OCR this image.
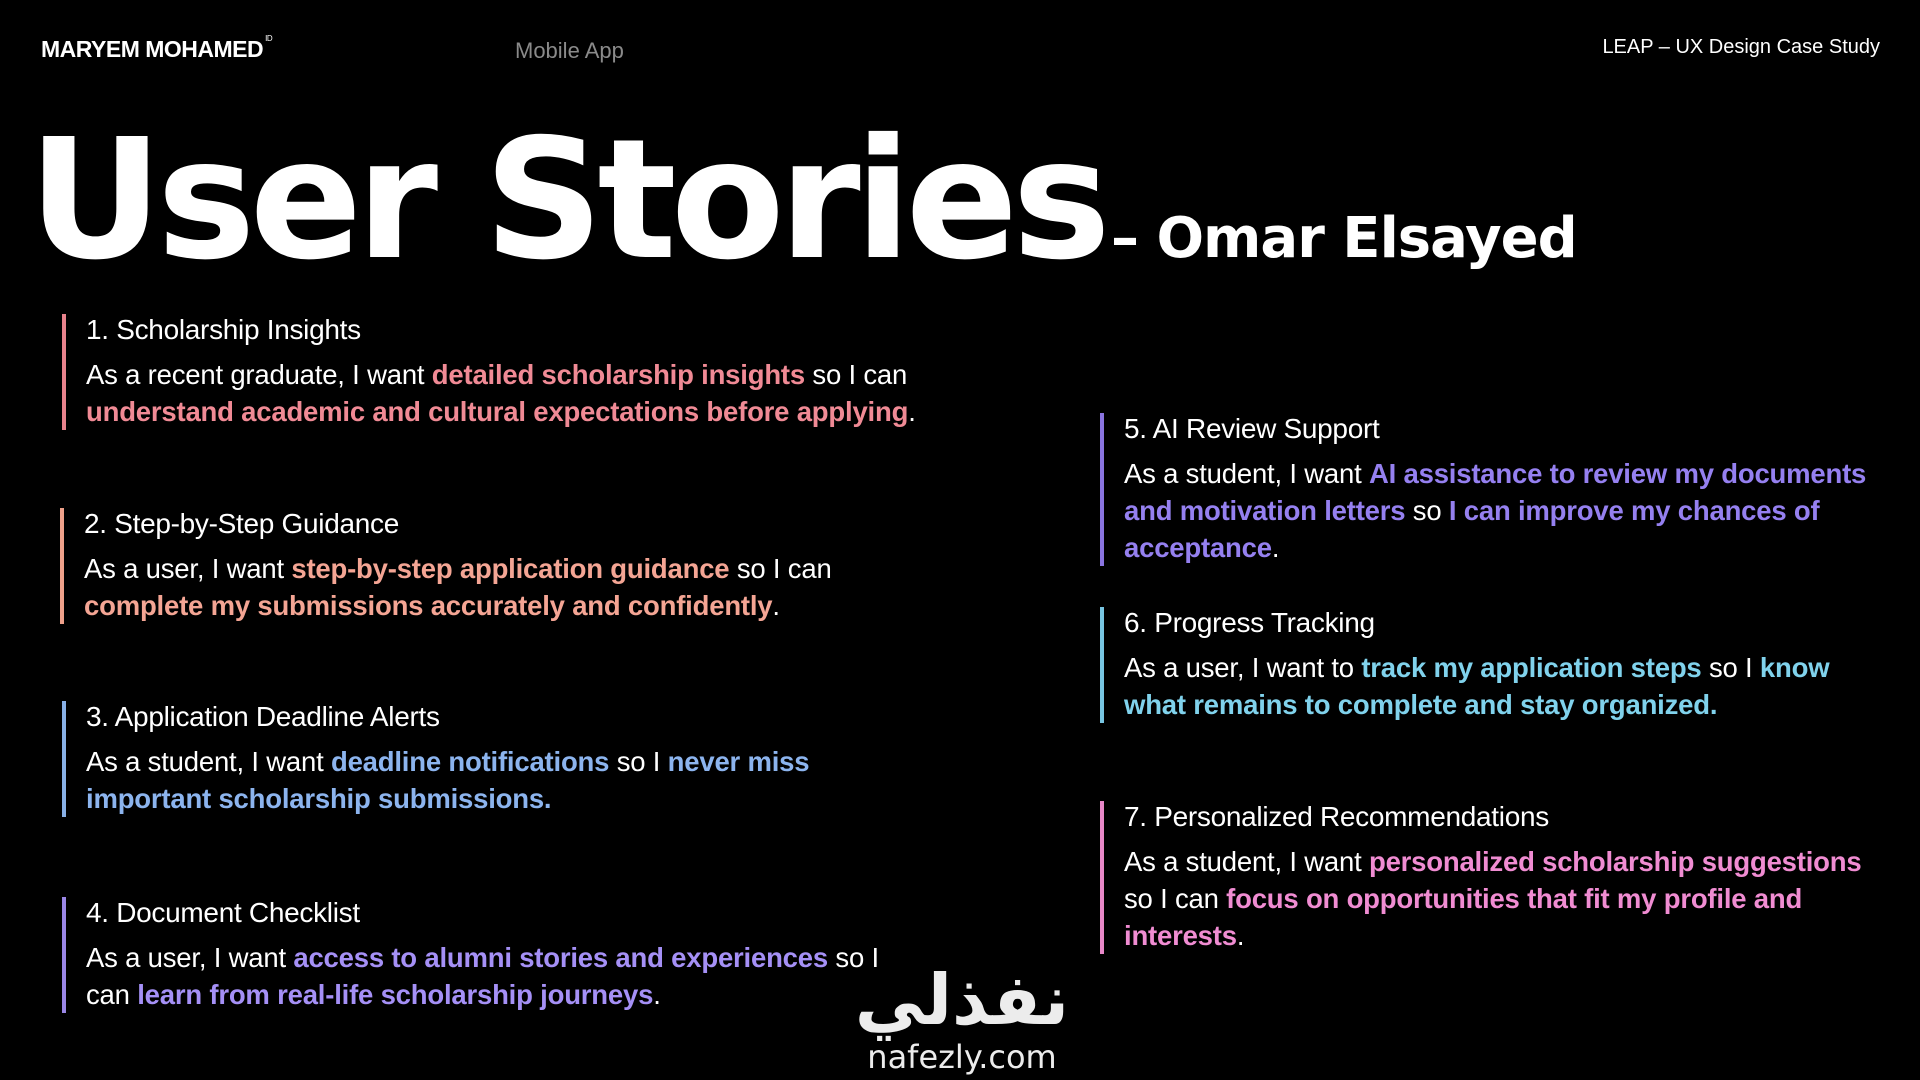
MARYEM MOHAMED $^{ID}$	Mobile App	LEAP – UX Design Case Study
User Stories – Omar Elsayed
1. Scholarship Insights
As a recent graduate, I want detailed scholarship insights so I can understand academic and cultural expectations before applying.
2. Step-by-Step Guidance
As a user, I want step-by-step application guidance so I can complete my submissions accurately and confidently.
3. Application Deadline Alerts
As a student, I want deadline notifications so I never miss important scholarship submissions.
4. Document Checklist
As a user, I want access to alumni stories and experiences so I can learn from real-life scholarship journeys.
5. AI Review Support
As a student, I want AI assistance to review my documents and motivation letters so I can improve my chances of acceptance.
6. Progress Tracking
As a user, I want to track my application steps so I know what remains to complete and stay organized.
7. Personalized Recommendations
As a student, I want personalized scholarship suggestions so I can focus on opportunities that fit my profile and interests.
نفذلي
nafezly.com
